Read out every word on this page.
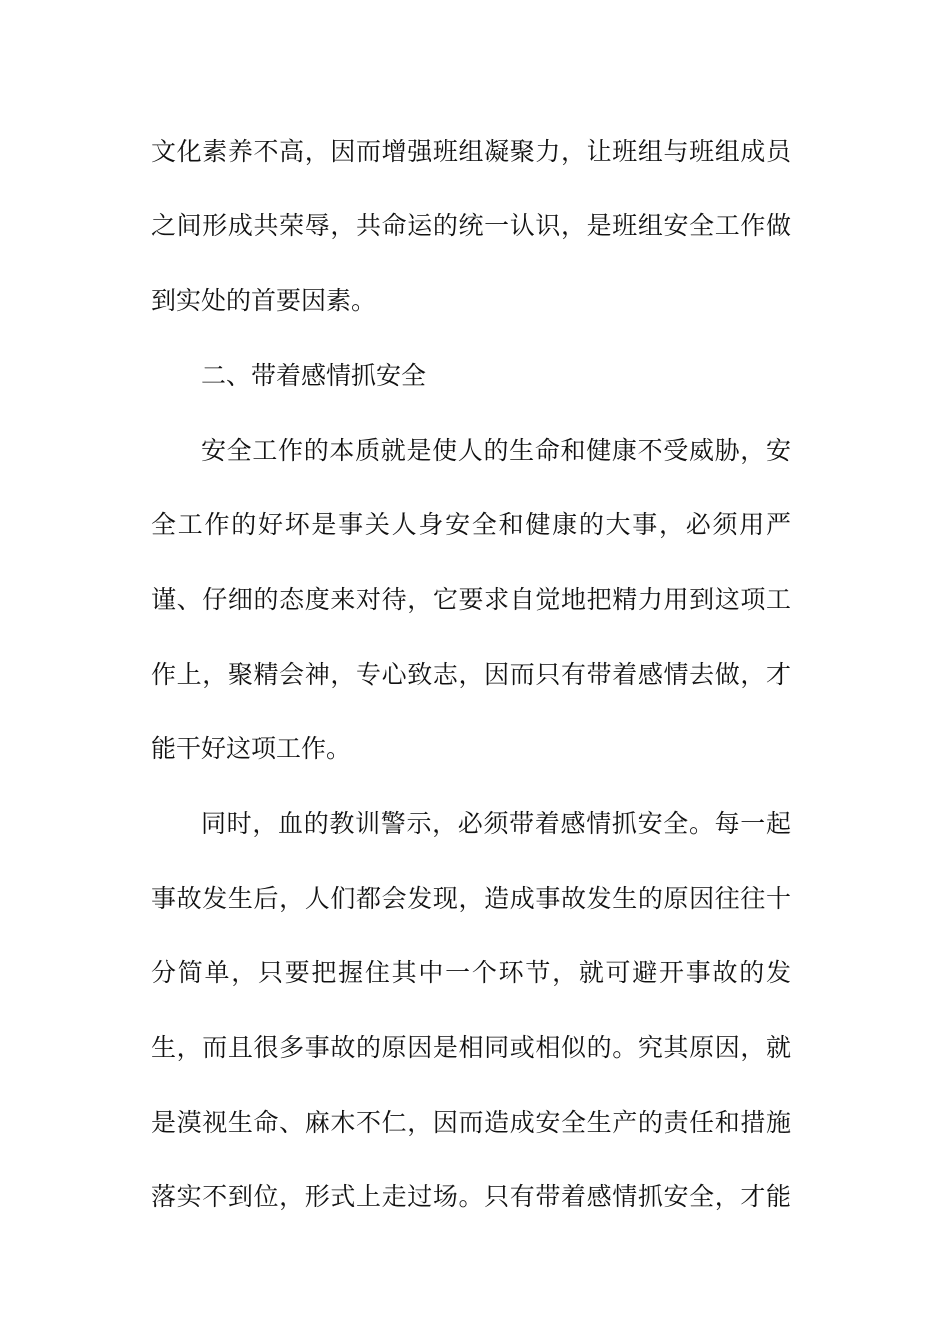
文化素养不高，因而增强班组凝聚力，让班组与班组成员
之间形成共荣辱，共命运的统一认识，是班组安全工作做
到实处的首要因素。
二、带着感情抓安全
安全工作的本质就是使人的生命和健康不受威胁，安
全工作的好坏是事关人身安全和健康的大事，必须用严
谨、仔细的态度来对待，它要求自觉地把精力用到这项工
作上，聚精会神，专心致志，因而只有带着感情去做，才
能干好这项工作。
同时，血的教训警示，必须带着感情抓安全。每一起
事故发生后，人们都会发现，造成事故发生的原因往往十
分简单，只要把握住其中一个环节，就可避开事故的发
生，而且很多事故的原因是相同或相似的。究其原因，就
是漠视生命、麻木不仁，因而造成安全生产的责任和措施
落实不到位，形式上走过场。只有带着感情抓安全，才能
